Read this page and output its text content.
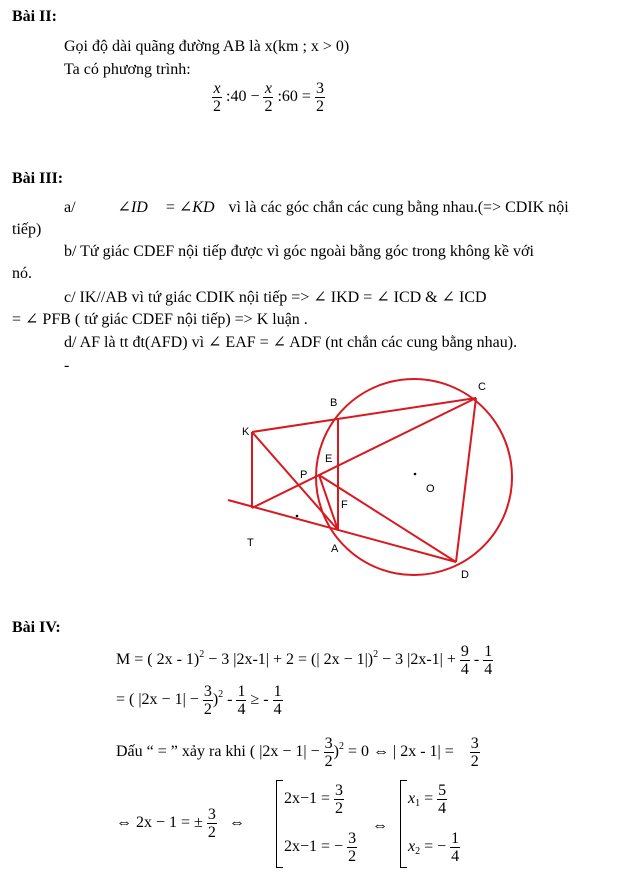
Bài II:
Gọi độ dài quãng đường AB là x(km ; x > 0)
Ta có phương trình:
$\frac{x}{2}$ :40 − $\frac{x}{2}$ :60 = $\frac{3}{2}$
Bài III:
a/	∠ID = ∠KD vì là các góc chắn các cung bằng nhau.(=> CDIK nội
tiếp)
b/ Tứ giác CDEF nội tiếp được vì góc ngoài bằng góc trong không kề với
nó.
c/ IK//AB vì tứ giác CDIK nội tiếp => ∠ IKD = ∠ ICD & ∠ ICD
= ∠ PFB ( tứ giác CDEF nội tiếp) => K luận .
d/ AF là tt đt(AFD) vì ∠ EAF = ∠ ADF (nt chắn các cung bằng nhau).
-
B
C
K
E
P
O
F
T	A
D
Bài IV:
M = ( 2x - 1)$^2$ − 3 |2x-1| + 2 = (| 2x − 1|)$^2$ − 3 $|2x-1| + \frac{9}{4} - \frac{1}{4}$
= ( $|2x - 1| - \frac{3}{2} )^2 - \frac{1}{4}$ ≥ - $\frac{1}{4}$
Dấu “ = ” xảy ra khi ( $|2x - 1| - \frac{3}{2} )^2 = 0$ ⇔ | $2x - 1| = \frac{3}{2}$
⇔ 2x − 1 = ± $\frac{3}{2}$ ⇔
$2x-1 = \frac{3}{2}$
2x−1 = − $\frac{3}{2}$
⇔
$x_1 = \frac{5}{4}$
$x_2$ = − $\frac{1}{4}$
